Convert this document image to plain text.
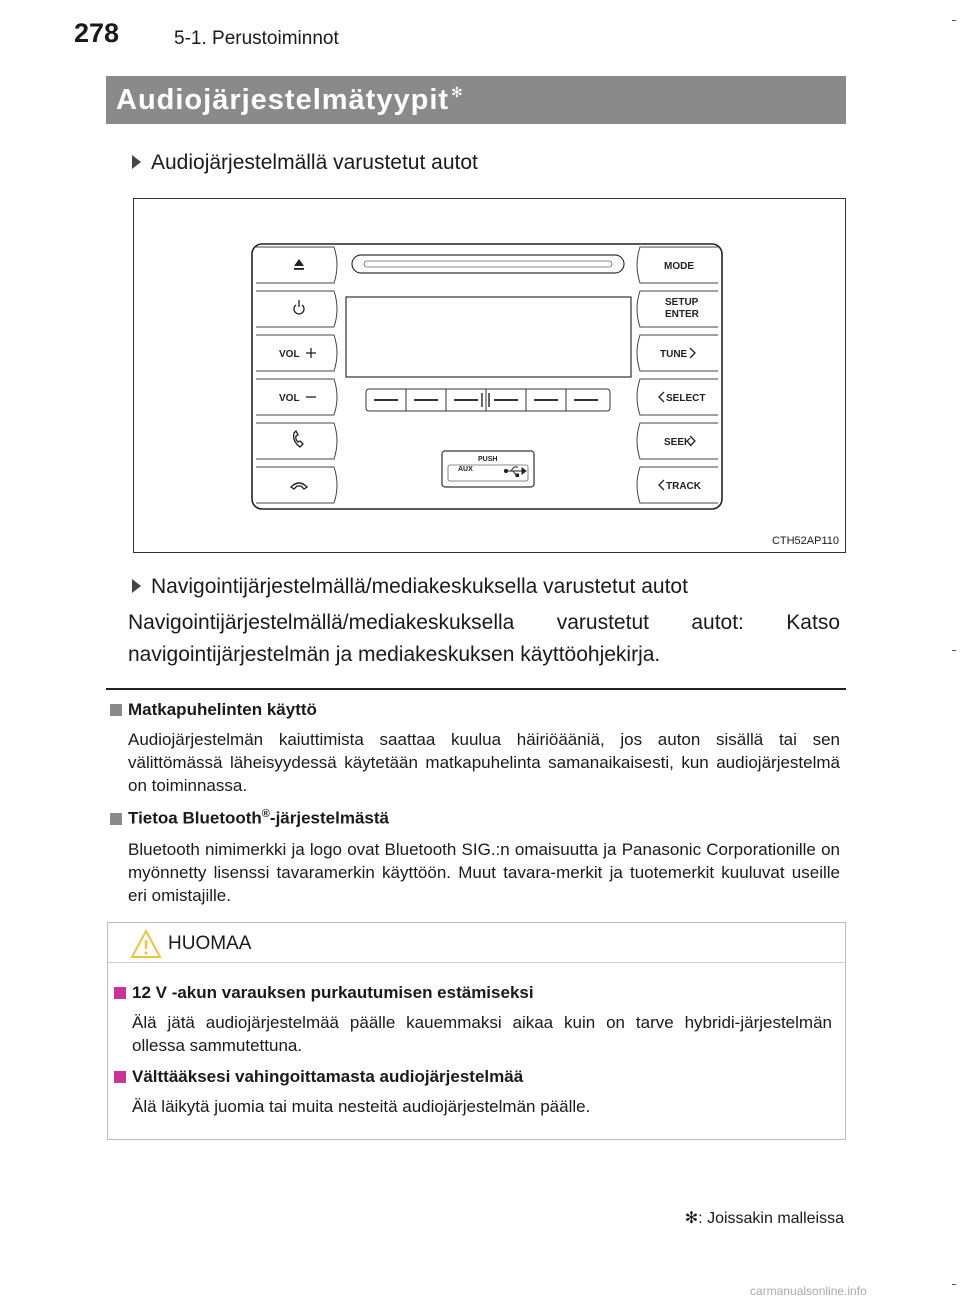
278	5-1. Perustoiminnot
Audiojärjestelmätyypit ✻
Audiojärjestelmällä varustetut autot
PUSH
AUX
VOL
VOL
MODE
SETUP
ENTER
TUNE
SELECT
SEEK
TRACK
CTH52AP110
Navigointijärjestelmällä/mediakeskuksella varustetut autot
Navigointijärjestelmällä/mediakeskuksella varustetut autot: Katso navigointijärjestelmän ja mediakeskuksen käyttöohjekirja.
Matkapuhelinten käyttö
Audiojärjestelmän kaiuttimista saattaa kuulua häiriöääniä, jos auton sisällä tai sen välittömässä läheisyydessä käytetään matkapuhelinta samanaikaisesti, kun audiojärjestelmä on toiminnassa.
Tietoa Bluetooth®-järjestelmästä
Bluetooth nimimerkki ja logo ovat Bluetooth SIG.:n omaisuutta ja Panasonic Corporationille on myönnetty lisenssi tavaramerkin käyttöön. Muut tavara-merkit ja tuotemerkit kuuluvat useille eri omistajille.
HUOMAA
12 V -akun varauksen purkautumisen estämiseksi
Älä jätä audiojärjestelmää päälle kauemmaksi aikaa kuin on tarve hybridi-järjestelmän ollessa sammutettuna.
Välttääksesi vahingoittamasta audiojärjestelmää
Älä läikytä juomia tai muita nesteitä audiojärjestelmän päälle.
✻: Joissakin malleissa
carmanualsonline.info
